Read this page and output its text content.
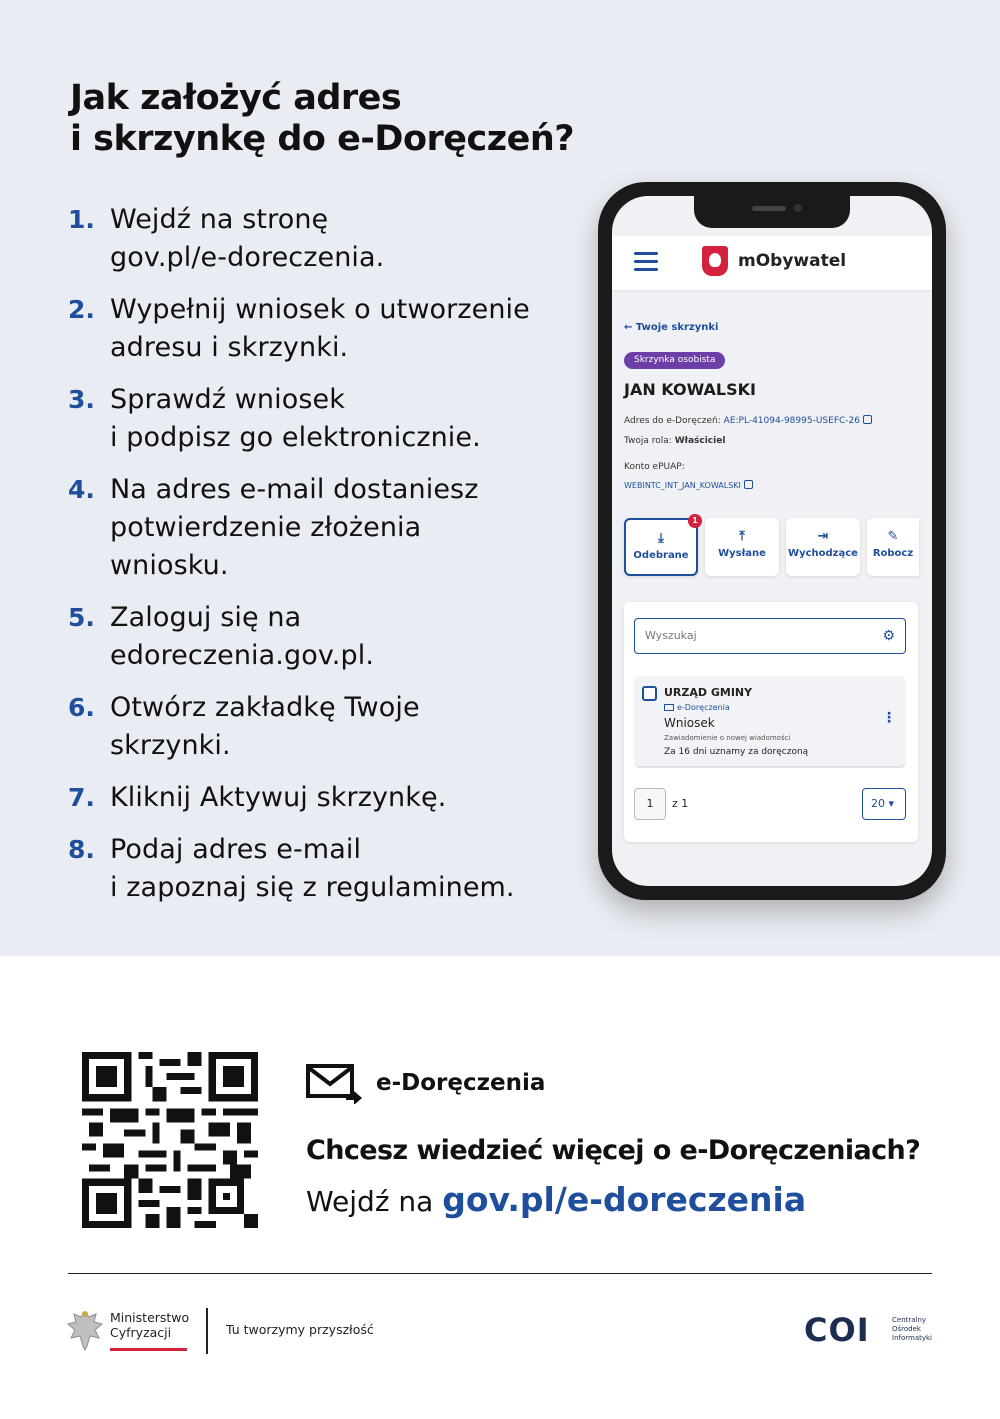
Jak założyć adres
i skrzynkę do e-Doręczeń?
1. Wejdź na stronę
gov.pl/e-doreczenia.
2. Wypełnij wniosek o utworzenie
adresu i skrzynki.
3. Sprawdź wniosek
i podpisz go elektronicznie.
4. Na adres e-mail dostaniesz
potwierdzenie złożenia
wniosku.
5. Zaloguj się na
edoreczenia.gov.pl.
6. Otwórz zakładkę Twoje
skrzynki.
7. Kliknij Aktywuj skrzynkę.
8. Podaj adres e-mail
i zapoznaj się z regulaminem.
mObywatel
← Twoje skrzynki
Skrzynka osobista
JAN KOWALSKI
Adres do e-Doręczeń: AE:PL-41094-98995-USEFC-26
Twoja rola: Właściciel
Konto ePUAP:
WEBINTC_INT_JAN_KOWALSKI
⤓
Odebrane
1
⤒
Wysłane
⇥
Wychodzące
✎
Robocz
Wyszukaj	⚙
URZĄD GMINY
e-Doręczenia
Wniosek
Zawiadomienie o nowej wiadomości
Za 16 dni uznamy za doręczoną
⋮
1	z 1	20 ▾
e-Doręczenia
Chcesz wiedzieć więcej o e-Doręczeniach?
Wejdź na gov.pl/e-doreczenia
Ministerstwo
Cyfryzacji	Tu tworzymy przyszłość	COI	Centralny
Ośrodek
Informatyki
